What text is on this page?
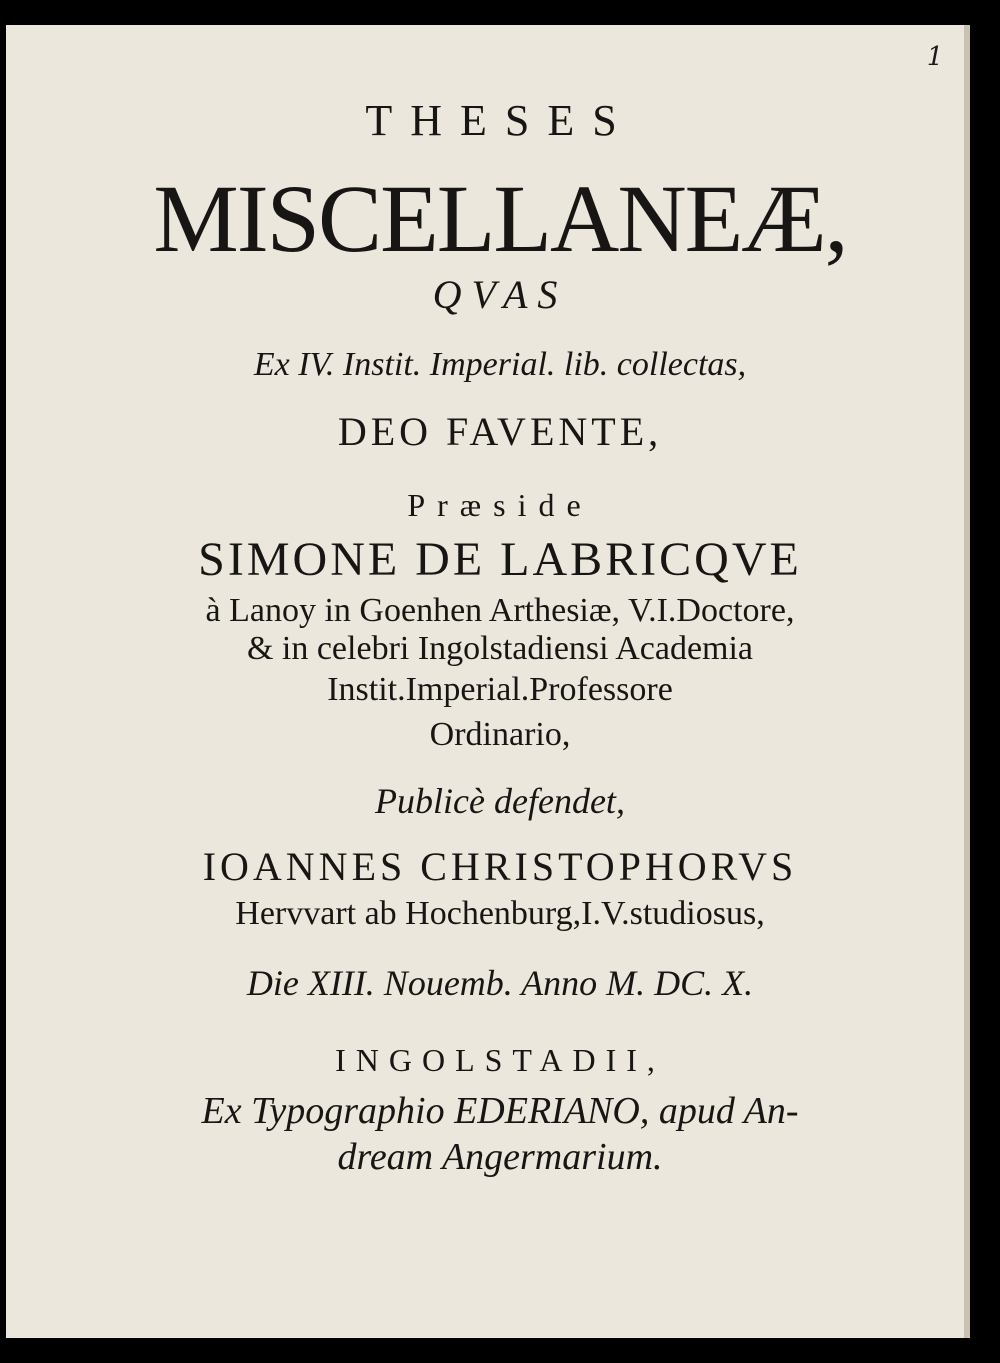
1
THESES
MISCELLANEÆ,
QVAS
Ex IV. Instit. Imperial. lib. collectas,
DEO FAVENTE,
Præside
SIMONE DE LABRICQVE
à Lanoy in Goenhen Arthesiæ, V.I.Doctore,
& in celebri Ingolstadiensi Academia
Instit.Imperial.Professore
Ordinario,
Publicè defendet,
IOANNES CHRISTOPHORVS
Hervvart ab Hochenburg,I.V.studiosus,
Die XIII. Nouemb. Anno M. DC. X.
INGOLSTADII,
Ex Typographio EDERIANO, apud An-
dream Angermarium.
